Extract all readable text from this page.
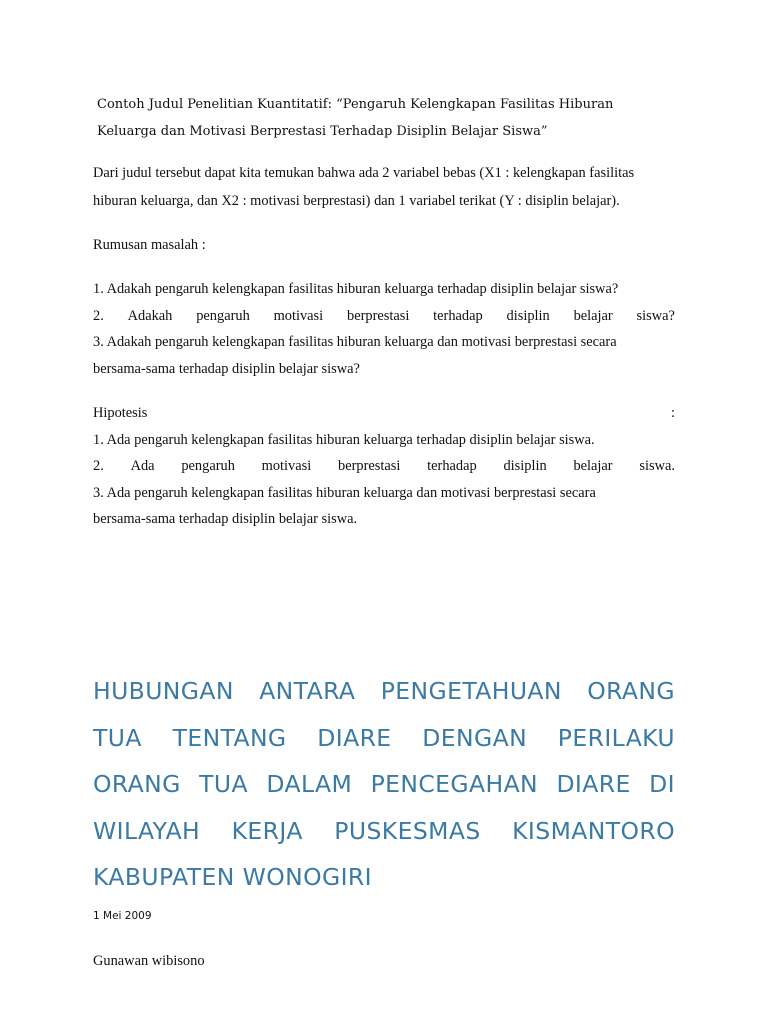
Contoh Judul Penelitian Kuantitatif: “Pengaruh Kelengkapan Fasilitas Hiburan
Keluarga dan Motivasi Berprestasi Terhadap Disiplin Belajar Siswa”
Dari judul tersebut dapat kita temukan bahwa ada 2 variabel bebas (X1 : kelengkapan fasilitas
hiburan keluarga, dan X2 : motivasi berprestasi) dan 1 variabel terikat (Y : disiplin belajar).
Rumusan masalah :
1. Adakah pengaruh kelengkapan fasilitas hiburan keluarga terhadap disiplin belajar siswa?
2. Adakah pengaruh motivasi berprestasi terhadap disiplin belajar siswa?
3. Adakah pengaruh kelengkapan fasilitas hiburan keluarga dan motivasi berprestasi secara
bersama-sama terhadap disiplin belajar siswa?
Hipotesis	:
1. Ada pengaruh kelengkapan fasilitas hiburan keluarga terhadap disiplin belajar siswa.
2. Ada pengaruh motivasi berprestasi terhadap disiplin belajar siswa.
3. Ada pengaruh kelengkapan fasilitas hiburan keluarga dan motivasi berprestasi secara
bersama-sama terhadap disiplin belajar siswa.
HUBUNGAN ANTARA PENGETAHUAN ORANG
TUA TENTANG DIARE DENGAN PERILAKU
ORANG TUA DALAM PENCEGAHAN DIARE DI
WILAYAH KERJA PUSKESMAS KISMANTORO
KABUPATEN WONOGIRI
1 Mei 2009
Gunawan wibisono
